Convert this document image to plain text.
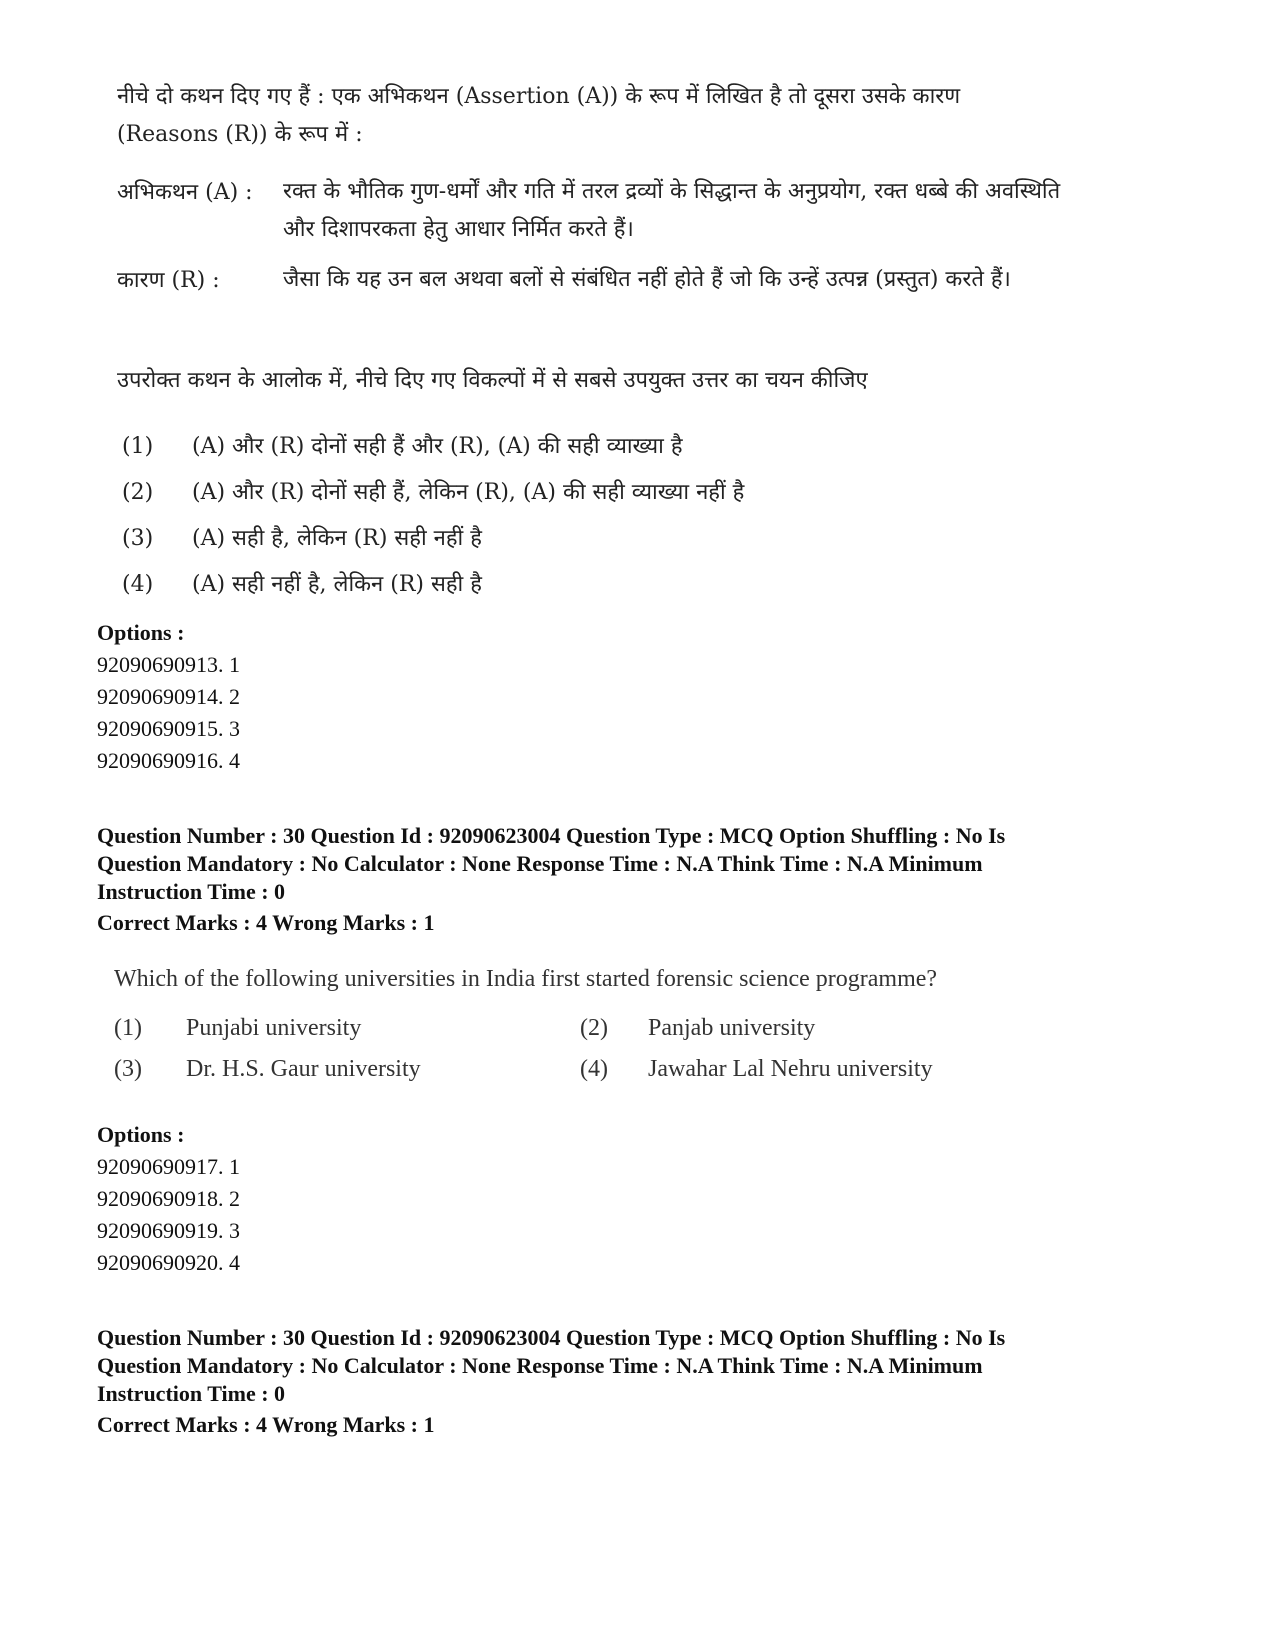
नीचे दो कथन दिए गए हैं : एक अभिकथन (Assertion (A)) के रूप में लिखित है तो दूसरा उसके कारण (Reasons (R)) के रूप में :
अभिकथन (A) : रक्त के भौतिक गुण-धर्मों और गति में तरल द्रव्यों के सिद्धान्त के अनुप्रयोग, रक्त धब्बे की अवस्थिति और दिशापरकता हेतु आधार निर्मित करते हैं।
कारण (R) :	जैसा कि यह उन बल अथवा बलों से संबंधित नहीं होते हैं जो कि उन्हें उत्पन्न (प्रस्तुत) करते हैं।
उपरोक्त कथन के आलोक में, नीचे दिए गए विकल्पों में से सबसे उपयुक्त उत्तर का चयन कीजिए
(1) (A) और (R) दोनों सही हैं और (R), (A) की सही व्याख्या है
(2) (A) और (R) दोनों सही हैं, लेकिन (R), (A) की सही व्याख्या नहीं है
(3) (A) सही है, लेकिन (R) सही नहीं है
(4) (A) सही नहीं है, लेकिन (R) सही है
Options :
92090690913. 1
92090690914. 2
92090690915. 3
92090690916. 4
Question Number : 30 Question Id : 92090623004 Question Type : MCQ Option Shuffling : No Is
Question Mandatory : No Calculator : None Response Time : N.A Think Time : N.A Minimum
Instruction Time : 0
Correct Marks : 4 Wrong Marks : 1
Which of the following universities in India first started forensic science programme?
(1) Punjabi university	(2) Panjab university
(3) Dr. H.S. Gaur university	(4) Jawahar Lal Nehru university
Options :
92090690917. 1
92090690918. 2
92090690919. 3
92090690920. 4
Question Number : 30 Question Id : 92090623004 Question Type : MCQ Option Shuffling : No Is
Question Mandatory : No Calculator : None Response Time : N.A Think Time : N.A Minimum
Instruction Time : 0
Correct Marks : 4 Wrong Marks : 1
